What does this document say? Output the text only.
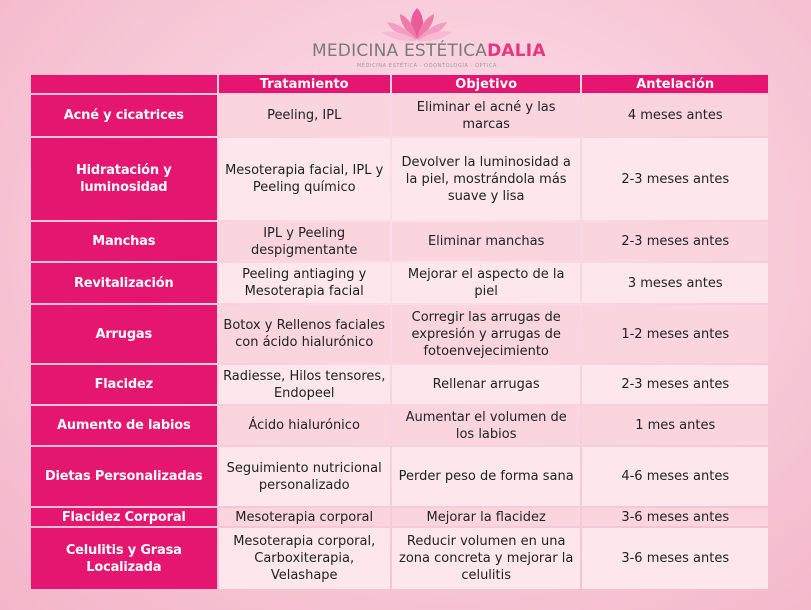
MEDICINA ESTÉTICADALIA
MEDICINA ESTÉTICA · ODONTOLOGÍA · ÓPTICA
	Tratamiento	Objetivo	Antelación
Acné y cicatrices	Peeling, IPL	Eliminar el acné y las marcas	4 meses antes
Hidratación y luminosidad	Mesoterapia facial, IPL y Peeling químico	Devolver la luminosidad a la piel, mostrándola más suave y lisa	2-3 meses antes
Manchas	IPL y Peeling despigmentante	Eliminar manchas	2-3 meses antes
Revitalización	Peeling antiaging y Mesoterapia facial	Mejorar el aspecto de la piel	3 meses antes
Arrugas	Botox y Rellenos faciales con ácido hialurónico	Corregir las arrugas de expresión y arrugas de fotoenvejecimiento	1-2 meses antes
Flacidez	Radiesse, Hilos tensores, Endopeel	Rellenar arrugas	2-3 meses antes
Aumento de labios	Ácido hialurónico	Aumentar el volumen de los labios	1 mes antes
Dietas Personalizadas	Seguimiento nutricional personalizado	Perder peso de forma sana	4-6 meses antes
Flacidez Corporal	Mesoterapia corporal	Mejorar la flacidez	3-6 meses antes
Celulitis y Grasa Localizada	Mesoterapia corporal, Carboxiterapia, Velashape	Reducir volumen en una zona concreta y mejorar la celulitis	3-6 meses antes
